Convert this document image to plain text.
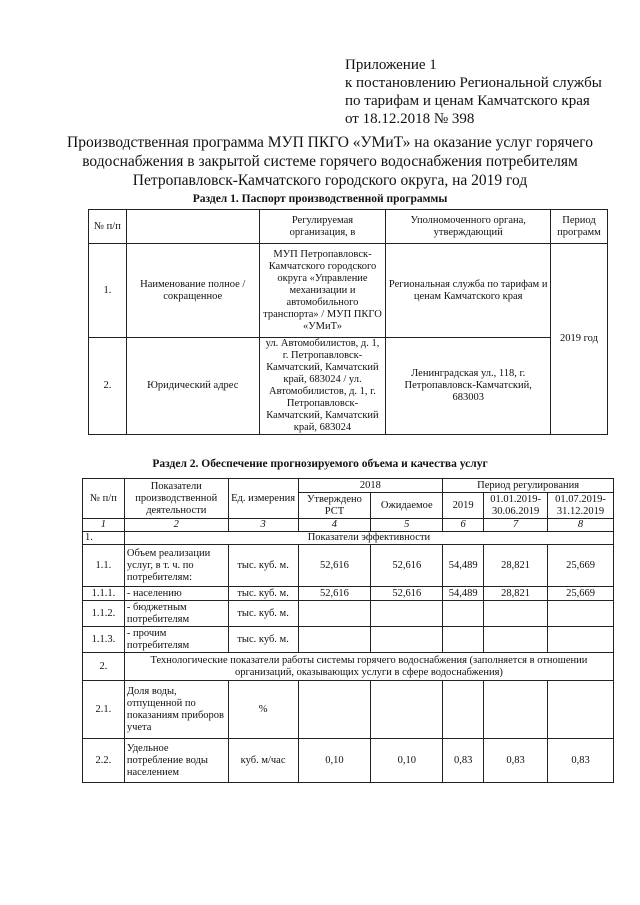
Приложение 1
к постановлению Региональной службы
по тарифам и ценам Камчатского края
от 18.12.2018 № 398
Производственная программа МУП ПКГО «УМиТ» на оказание услуг горячего
водоснабжения в закрытой системе горячего водоснабжения потребителям
Петропавловск-Камчатского городского округа, на 2019 год
Раздел 1. Паспорт производственной программы
№ п/п		Регулируемая организация, в	Уполномоченного органа, утверждающий	Период программ
1.	Наименование полное / сокращенное	МУП Петропавловск-Камчатского городского округа «Управление механизации и автомобильного транспорта» / МУП ПКГО «УМиТ»	Региональная служба по тарифам и ценам Камчатского края	2019 год
2.	Юридический адрес	ул. Автомобилистов, д. 1, г. Петропавловск-Камчатский, Камчатский край, 683024 / ул. Автомобилистов, д. 1, г. Петропавловск-Камчатский, Камчатский край, 683024	Ленинградская ул., 118, г. Петропавловск-Камчатский, 683003	
Раздел 2. Обеспечение прогнозируемого объема и качества услуг
№ п/п	Показатели производственной деятельности	Ед. измерения	2018		Период регулирования		
			Утверждено РСТ	Ожидаемое	2019	01.01.2019-30.06.2019	01.07.2019-31.12.2019
1	2	3	4	5	6	7	8
1.	Показатели эффективности						
1.1.	Объем реализации услуг, в т. ч. по потребителям:	тыс. куб. м.	52,616	52,616	54,489	28,821	25,669
1.1.1.	- населению	тыс. куб. м.	52,616	52,616	54,489	28,821	25,669
1.1.2.	- бюджетным потребителям	тыс. куб. м.					
1.1.3.	- прочим потребителям	тыс. куб. м.					
2.	Технологические показатели работы системы горячего водоснабжения (заполняется в отношении организаций, оказывающих услуги в сфере водоснабжения)						
2.1.	Доля воды, отпущенной по показаниям приборов учета	%					
2.2.	Удельное потребление воды населением	куб. м/час	0,10	0,10	0,83	0,83	0,83
